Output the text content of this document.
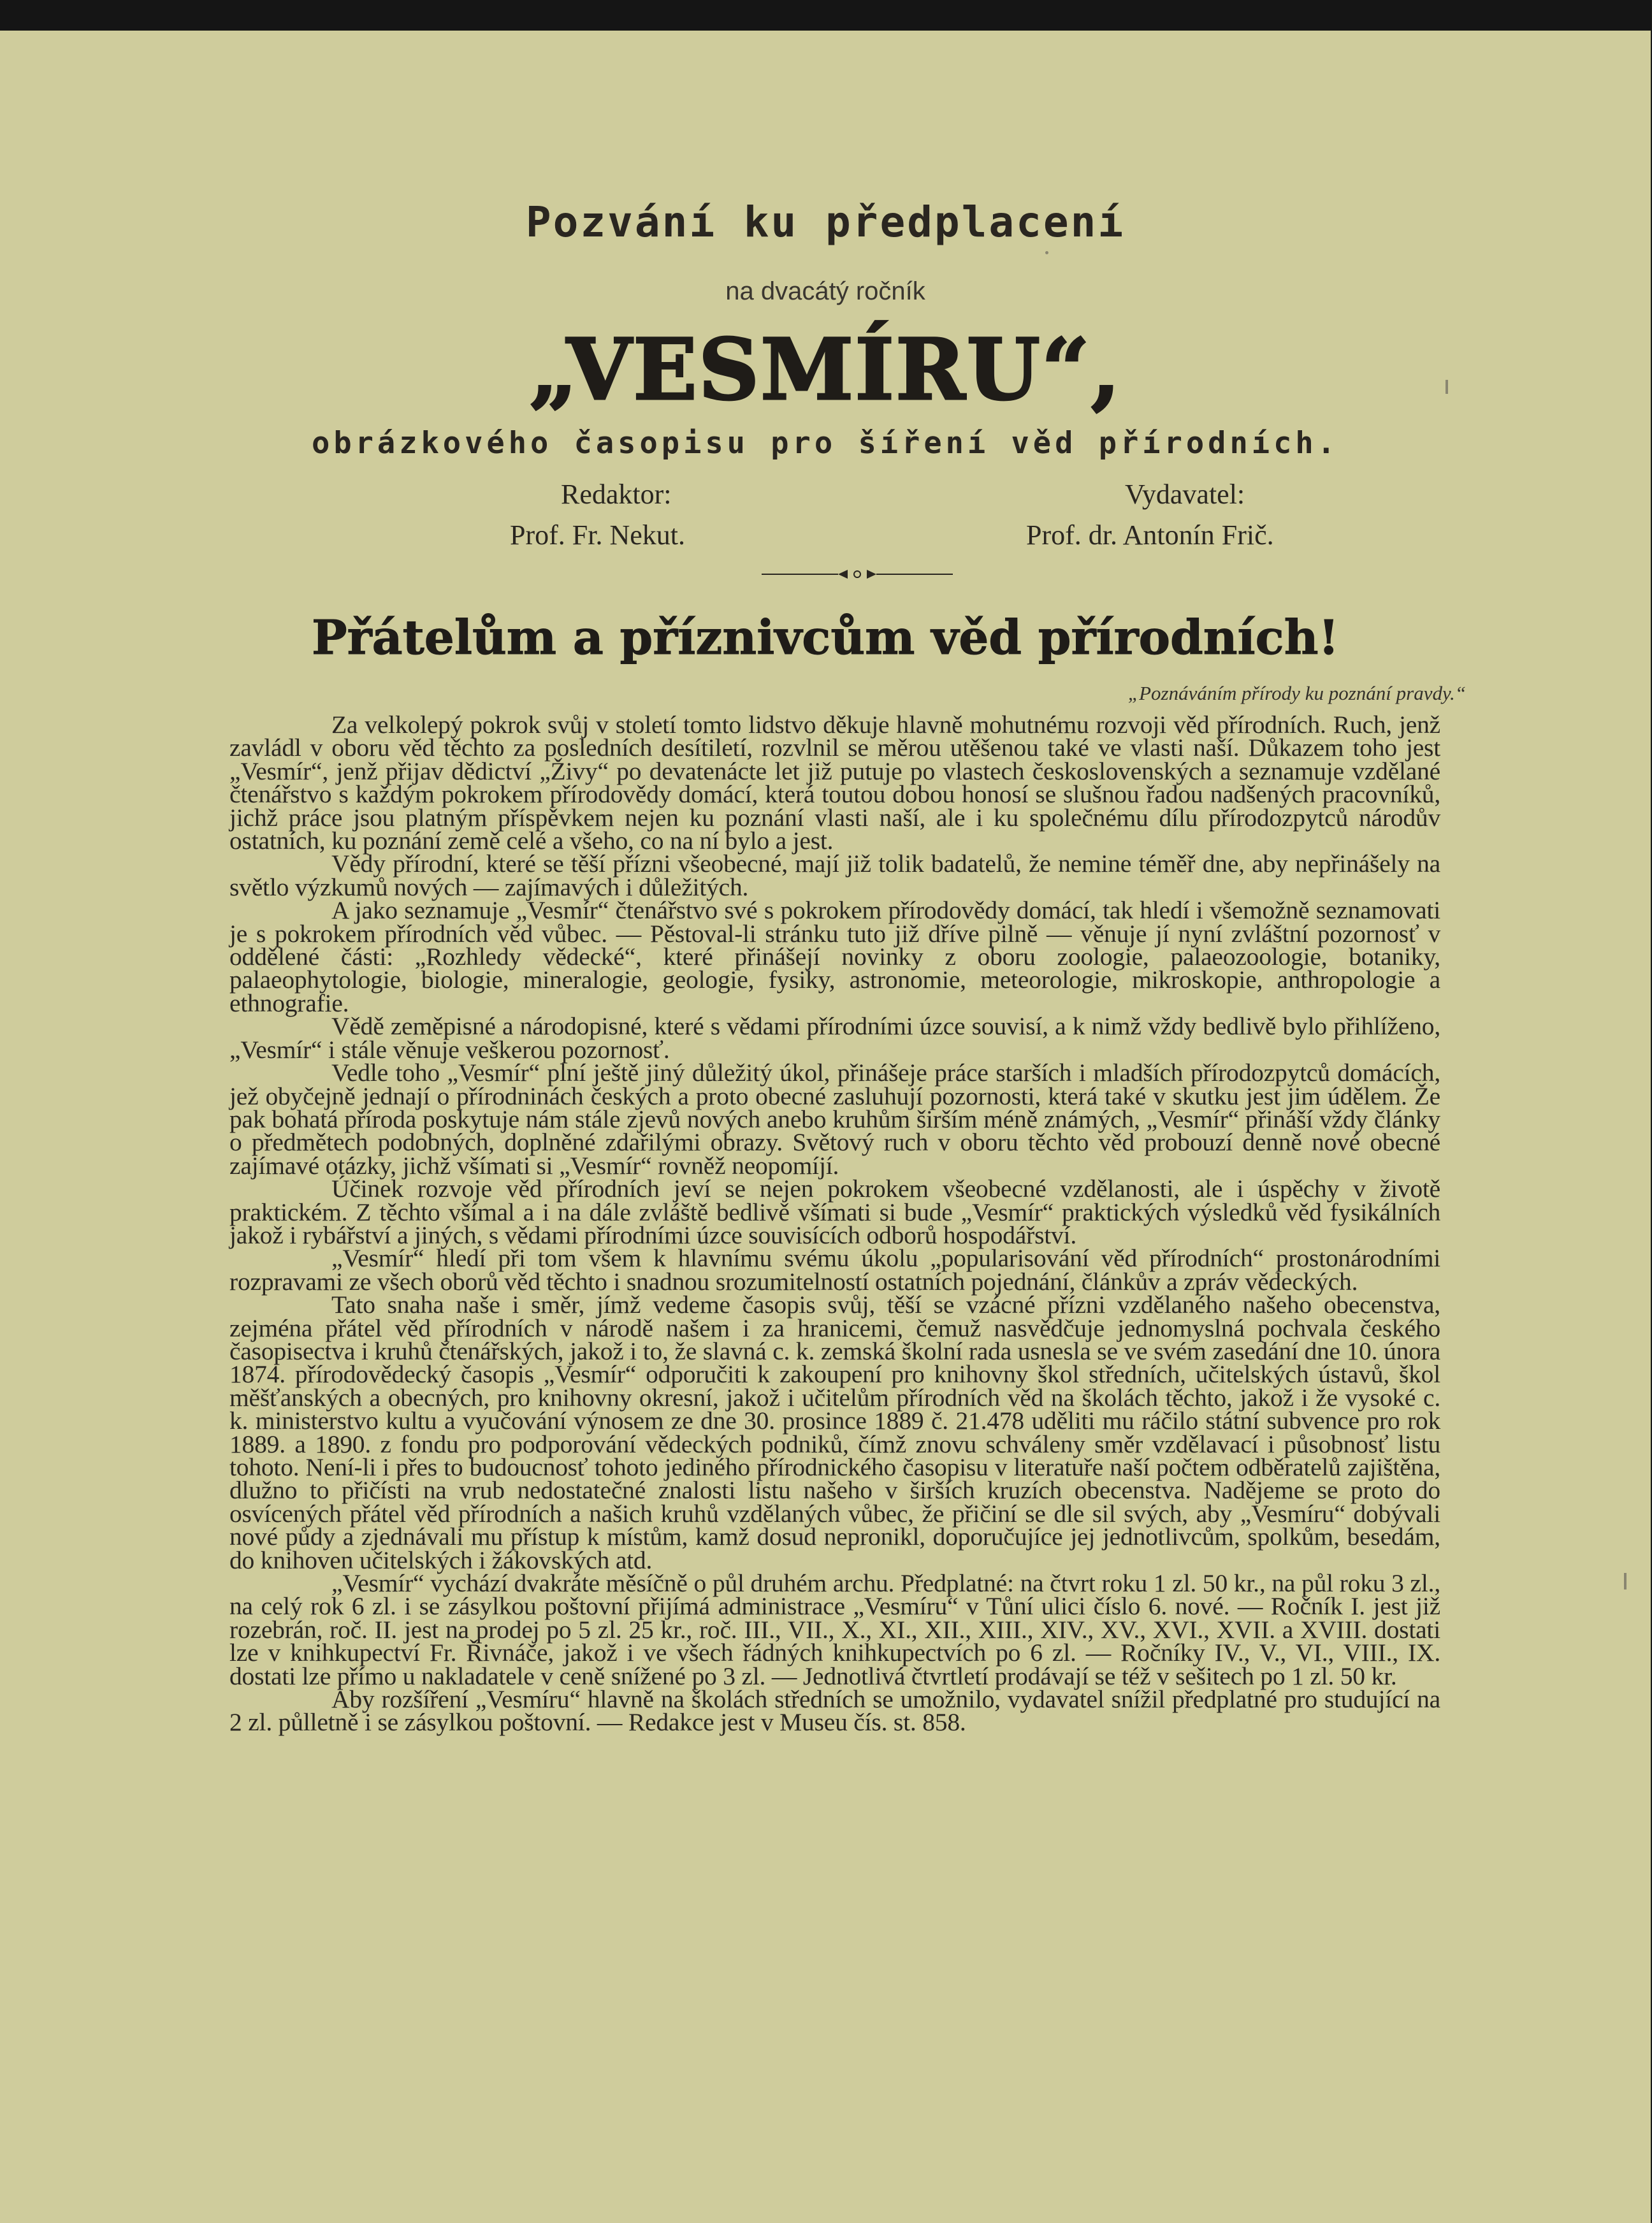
Pozvání ku předplacení
na dvacátý ročník
„VESMÍRU“,
obrázkového časopisu pro šíření věd přírodních.
Redaktor:	Vydavatel:
Prof. Fr. Nekut.	Prof. dr. Antonín Frič.
Přátelům a příznivcům věd přírodních!
„Poznáváním přírody ku poznání pravdy.“

Za velkolepý pokrok svůj v století tomto lidstvo děkuje hlavně mohutnému rozvoji věd přírodních. Ruch, jenž zavládl v oboru věd těchto za posledních desítiletí, rozvlnil se měrou utěšenou také ve vlasti naší. Důkazem toho jest „Vesmír“, jenž přijav dědictví „Živy“ po devatenácte let již putuje po vlastech československých a seznamuje vzdělané čtenářstvo s každým pokrokem přírodovědy domácí, která toutou dobou honosí se slušnou řadou nadšených pracovníků, jichž práce jsou platným příspěvkem nejen ku poznání vlasti naší, ale i ku společnému dílu přírodozpytců národův ostatních, ku poznání země celé a všeho, co na ní bylo a jest.

Vědy přírodní, které se těší přízni všeobecné, mají již tolik badatelů, že nemine téměř dne, aby nepřinášely na světlo výzkumů nových — zajímavých i důležitých.

A jako seznamuje „Vesmír“ čtenářstvo své s pokrokem přírodovědy domácí, tak hledí i všemožně seznamovati je s pokrokem přírodních věd vůbec. — Pěstoval-li stránku tuto již dříve pilně — věnuje jí nyní zvláštní pozornosť v oddělené části: „Rozhledy vědecké“, které přinášejí novinky z oboru zoologie, palaeozoologie, botaniky, palaeophytologie, biologie, mineralogie, geologie, fysiky, astronomie, meteorologie, mikroskopie, anthropologie a ethnografie.

Vědě zeměpisné a národopisné, které s vědami přírodními úzce souvisí, a k nimž vždy bedlivě bylo přihlíženo, „Vesmír“ i stále věnuje veškerou pozornosť.

Vedle toho „Vesmír“ plní ještě jiný důležitý úkol, přinášeje práce starších i mladších přírodozpytců domácích, jež obyčejně jednají o přírodninách českých a proto obecné zasluhují pozornosti, která také v skutku jest jim údělem. Že pak bohatá příroda poskytuje nám stále zjevů nových anebo kruhům širším méně známých, „Vesmír“ přináší vždy články o předmětech podobných, doplněné zdařilými obrazy. Světový ruch v oboru těchto věd probouzí denně nové obecné zajímavé otázky, jichž všímati si „Vesmír“ rovněž neopomíjí.

Účinek rozvoje věd přírodních jeví se nejen pokrokem všeobecné vzdělanosti, ale i úspěchy v životě praktickém. Z těchto všímal a i na dále zvláště bedlivě všímati si bude „Vesmír“ praktických výsledků věd fysikálních jakož i rybářství a jiných, s vědami přírodními úzce souvisících odborů hospodářství.

„Vesmír“ hledí při tom všem k hlavnímu svému úkolu „popularisování věd přírodních“ prostonárodními rozpravami ze všech oborů věd těchto i snadnou srozumitelností ostatních pojednání, článkův a zpráv vědeckých.

Tato snaha naše i směr, jímž vedeme časopis svůj, těší se vzácné přízni vzdělaného našeho obecenstva, zejména přátel věd přírodních v národě našem i za hranicemi, čemuž nasvědčuje jednomyslná pochvala českého časopisectva i kruhů čtenářských, jakož i to, že slavná c. k. zemská školní rada usnesla se ve svém zasedání dne 10. února 1874. přírodovědecký časopis „Vesmír“ odporučiti k zakoupení pro knihovny škol středních, učitelských ústavů, škol měšťanských a obecných, pro knihovny okresní, jakož i učitelům přírodních věd na školách těchto, jakož i že vysoké c. k. ministerstvo kultu a vyučování výnosem ze dne 30. prosince 1889 č. 21.478 uděliti mu ráčilo státní subvence pro rok 1889. a 1890. z fondu pro podporování vědeckých podniků, čímž znovu schváleny směr vzdělavací i působnosť listu tohoto. Není-li i přes to budoucnosť tohoto jediného přírodnického časopisu v literatuře naší počtem odběratelů zajištěna, dlužno to přičísti na vrub nedostatečné znalosti listu našeho v širších kruzích obecenstva. Nadějeme se proto do osvícených přátel věd přírodních a našich kruhů vzdělaných vůbec, že přičiní se dle sil svých, aby „Vesmíru“ dobývali nové půdy a zjednávali mu přístup k místům, kamž dosud nepronikl, doporučujíce jej jednotlivcům, spolkům, besedám, do knihoven učitelských i žákovských atd.

„Vesmír“ vychází dvakráte měsíčně o půl druhém archu. Předplatné: na čtvrt roku 1 zl. 50 kr., na půl roku 3 zl., na celý rok 6 zl. i se zásylkou poštovní přijímá administrace „Vesmíru“ v Tůní ulici číslo 6. nové. — Ročník I. jest již rozebrán, roč. II. jest na prodej po 5 zl. 25 kr., roč. III., VII., X., XI., XII., XIII., XIV., XV., XVI., XVII. a XVIII. dostati lze v knihkupectví Fr. Řivnáče, jakož i ve všech řádných knihkupectvích po 6 zl. — Ročníky IV., V., VI., VIII., IX. dostati lze přímo u nakladatele v ceně snížené po 3 zl. — Jednotlivá čtvrtletí prodávají se též v sešitech po 1 zl. 50 kr.

Aby rozšíření „Vesmíru“ hlavně na školách středních se umožnilo, vydavatel snížil předplatné pro studující na 2 zl. půlletně i se zásylkou poštovní. — Redakce jest v Museu čís. st. 858.
